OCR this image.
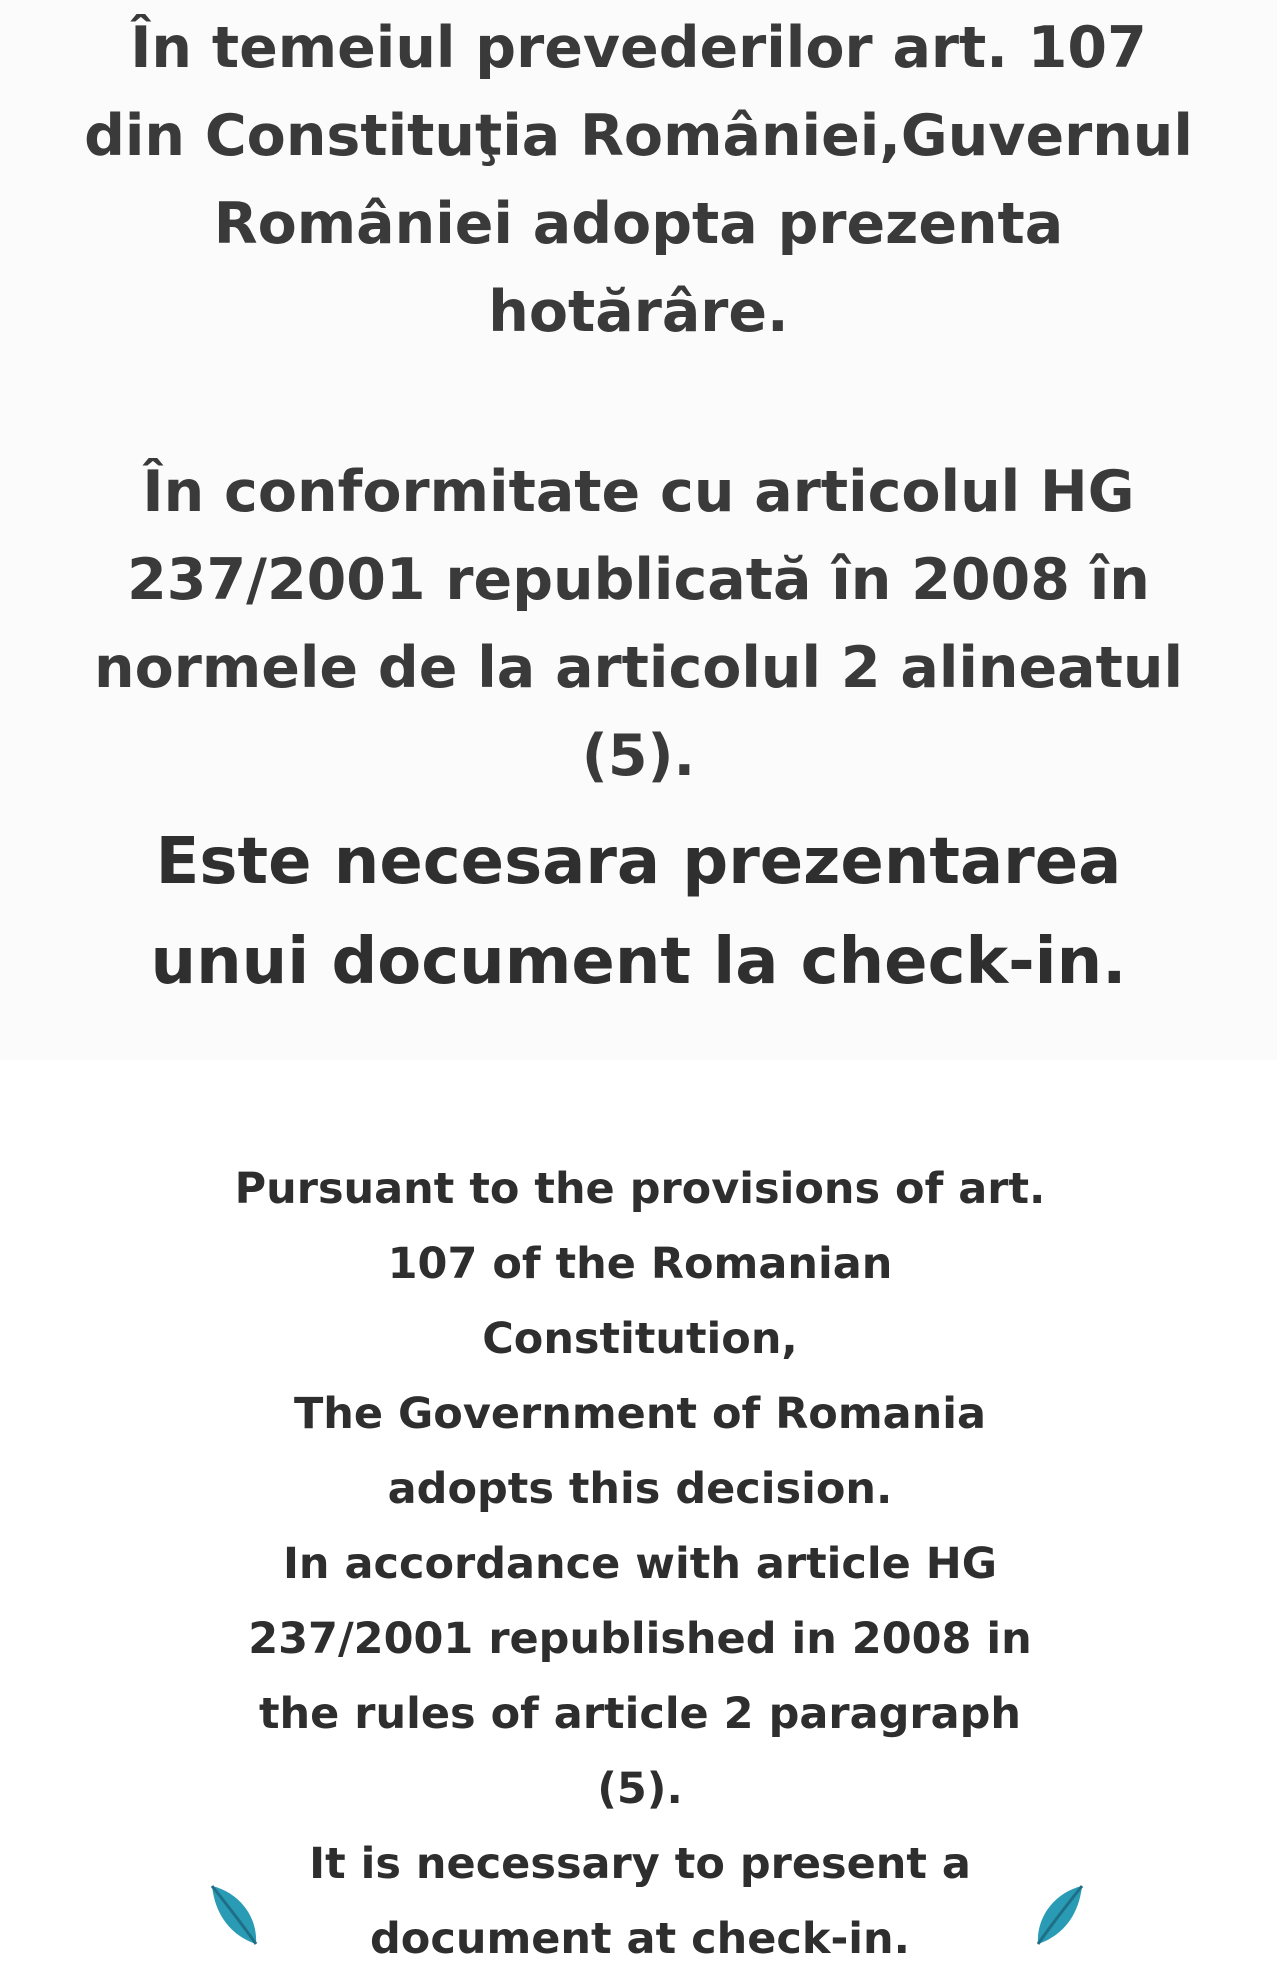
În temeiul prevederilor art. 107
din Constituţia României,Guvernul
României adopta prezenta
hotărâre.
În conformitate cu articolul HG
237/2001 republicată în 2008 în
normele de la articolul 2 alineatul
(5).
Este necesara prezentarea
unui document la check-in.
Pursuant to the provisions of art.
107 of the Romanian
Constitution,
The Government of Romania
adopts this decision.
In accordance with article HG
237/2001 republished in 2008 in
the rules of article 2 paragraph
(5).
It is necessary to present a
document at check-in.
